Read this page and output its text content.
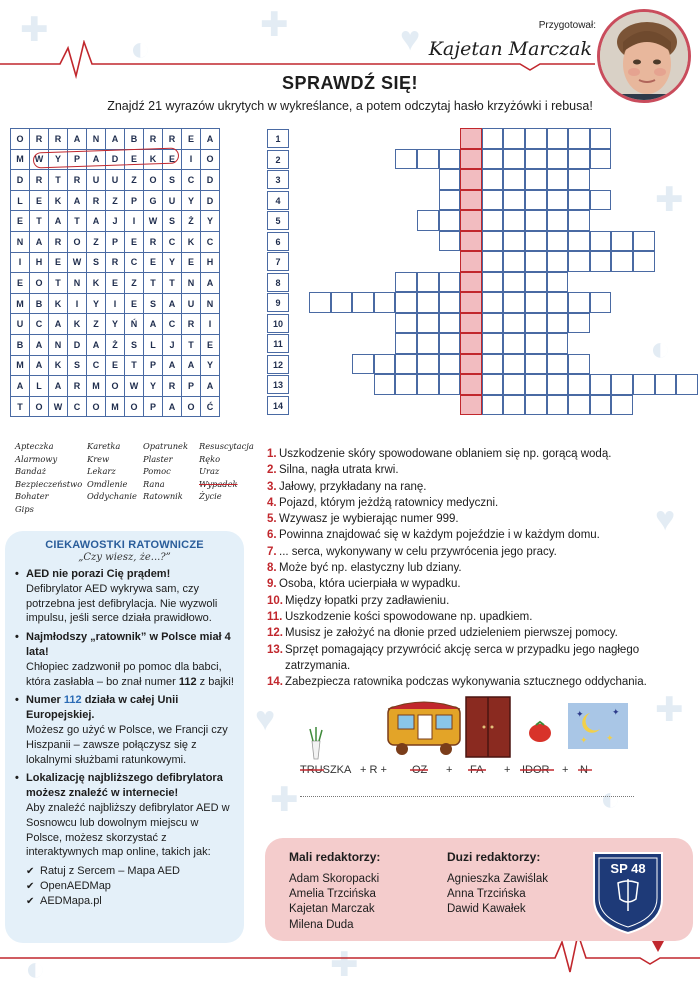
✚ ◐
✚	♥
✚
◐
♥
✚
◐
♥
✚
◐	✚
Przygotował:
Kajetan Marczak
SPRAWDŹ SIĘ!
Znajdź 21 wyrazów ukrytych w wykreślance, a potem odczytaj hasło krzyżówki i rebusa!
O	R	R	A	N	A	B	R	R	E	A
M	W	Y	P	A	D	E	K	E	I	O
D	R	T	R	U	U	Z	O	S	C	D
L	E	K	A	R	Z	P	G	U	Y	D
E	T	A	T	A	J	I	W	S	Ż	Y
N	A	R	O	Z	P	E	R	C	K	C
I	H	E	W	S	R	C	E	Y	E	H
E	O	T	N	K	E	Z	T	T	N	A
M	B	K	I	Y	I	E	S	A	U	N
U	C	A	K	Z	Y	Ń	A	C	R	I
B	A	N	D	A	Ż	S	L	J	T	E
M	A	K	S	C	E	T	P	A	A	Y
A	L	A	R	M	O	W	Y	R	P	A
T	O	W	C	O	M	O	P	A	O	Ć
1
2
3
4
5
6
7
8
9
10
11
12
13
14
Apteczka
Alarmowy
Bandaż
Bezpieczeństwo
Bohater
Gips
Karetka
Krew
Lekarz
Omdlenie
Oddychanie
Opatrunek
Plaster
Pomoc
Rana
Ratownik
Resuscytacja
Ręko
Uraz
Wypadek
Życie
1. Uszkodzenie skóry spowodowane oblaniem się np. gorącą wodą.
2. Silna, nagła utrata krwi.
3. Jałowy, przykładany na ranę.
4. Pojazd, którym jeżdżą ratownicy medyczni.
5. Wzywasz je wybierając numer 999.
6. Powinna znajdować się w każdym pojeździe i w każdym domu.
7. ... serca, wykonywany w celu przywrócenia jego pracy.
8. Może być np. elastyczny lub dziany.
9. Osoba, która ucierpiała w wypadku.
10. Między łopatki przy zadławieniu.
11. Uszkodzenie kości spowodowane np. upadkiem.
12. Musisz je założyć na dłonie przed udzieleniem pierwszej pomocy.
13. Sprzęt pomagający przywrócić akcję serca w przypadku jego nagłego zatrzymania.
14. Zabezpiecza ratownika podczas wykonywania sztucznego oddychania.
CIEKAWOSTKI RATOWNICZE
„Czy wiesz, że...?”
• AED nie porazi Cię prądem!
Defibrylator AED wykrywa sam, czy potrzebna jest defibrylacja. Nie wyzwoli impulsu, jeśli serce działa prawidłowo.
• Najmłodszy „ratownik” w Polsce miał 4 lata!
Chłopiec zadzwonił po pomoc dla babci, która zasłabła – bo znał numer 112 z bajki!
• Numer 112 działa w całej Unii Europejskiej.
Możesz go użyć w Polsce, we Francji czy Hiszpanii – zawsze połączysz się z lokalnymi służbami ratunkowymi.
• Lokalizację najbliższego defibrylatora możesz znaleźć w internecie!
Aby znaleźć najbliższy defibrylator AED w Sosnowcu lub dowolnym miejscu w Polsce, możesz skorzystać z interaktywnych map online, takich jak:
✔ Ratuj z Sercem – Mapa AED
✔ OpenAEDMap
✔ AEDMapa.pl
✦	✦
✦
✦
TRUSZKA + R + OZ + FA + IDOR + N
Mali redaktorzy:
Adam Skoropacki
Amelia Trzcińska
Kajetan Marczak
Milena Duda
Duzi redaktorzy:
Agnieszka Zawiślak
Anna Trzcińska
Dawid Kawałek
SP 48
